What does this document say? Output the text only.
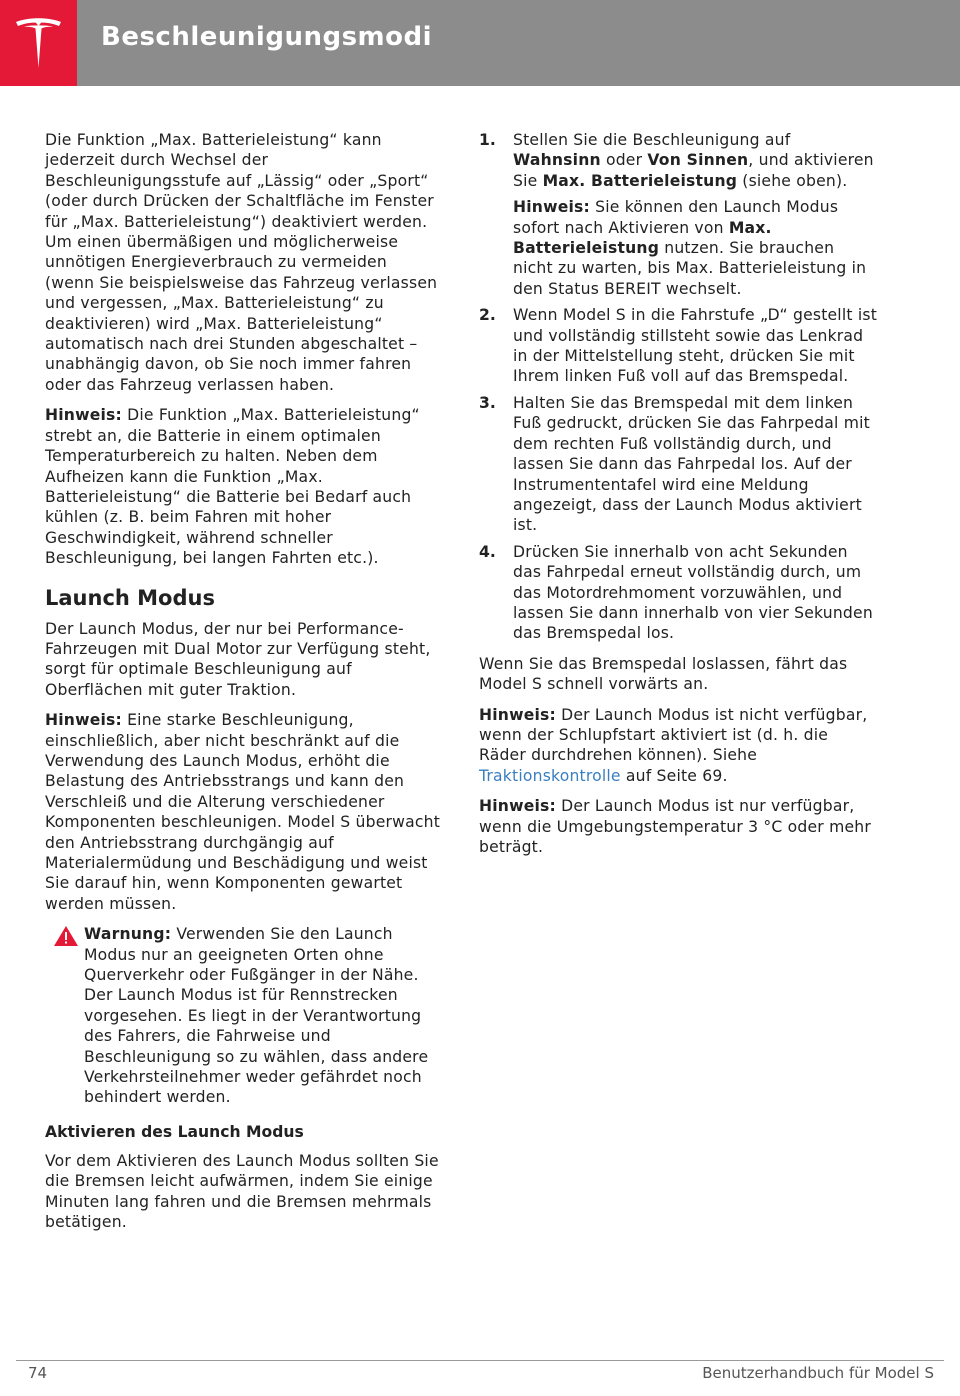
Beschleunigungsmodi

Die Funktion „Max. Batterieleistung“ kann jederzeit durch Wechsel der Beschleunigungsstufe auf „Lässig“ oder „Sport“ (oder durch Drücken der Schaltfläche im Fenster für „Max. Batterieleistung“) deaktiviert werden. Um einen übermäßigen und möglicherweise unnötigen Energieverbrauch zu vermeiden (wenn Sie beispielsweise das Fahrzeug verlassen und vergessen, „Max. Batterieleistung“ zu deaktivieren) wird „Max. Batterieleistung“ automatisch nach drei Stunden abgeschaltet – unabhängig davon, ob Sie noch immer fahren oder das Fahrzeug verlassen haben.

Hinweis: Die Funktion „Max. Batterieleistung“ strebt an, die Batterie in einem optimalen Temperaturbereich zu halten. Neben dem Aufheizen kann die Funktion „Max. Batterieleistung“ die Batterie bei Bedarf auch kühlen (z. B. beim Fahren mit hoher Geschwindigkeit, während schneller Beschleunigung, bei langen Fahrten etc.).

Launch Modus

Der Launch Modus, der nur bei Performance-Fahrzeugen mit Dual Motor zur Verfügung steht, sorgt für optimale Beschleunigung auf Oberflächen mit guter Traktion.

Hinweis: Eine starke Beschleunigung, einschließlich, aber nicht beschränkt auf die Verwendung des Launch Modus, erhöht die Belastung des Antriebsstrangs und kann den Verschleiß und die Alterung verschiedener Komponenten beschleunigen. Model S überwacht den Antriebsstrang durchgängig auf Materialermüdung und Beschädigung und weist Sie darauf hin, wenn Komponenten gewartet werden müssen.

Warnung: Verwenden Sie den Launch Modus nur an geeigneten Orten ohne Querverkehr oder Fußgänger in der Nähe. Der Launch Modus ist für Rennstrecken vorgesehen. Es liegt in der Verantwortung des Fahrers, die Fahrweise und Beschleunigung so zu wählen, dass andere Verkehrsteilnehmer weder gefährdet noch behindert werden.

Aktivieren des Launch Modus

Vor dem Aktivieren des Launch Modus sollten Sie die Bremsen leicht aufwärmen, indem Sie einige Minuten lang fahren und die Bremsen mehrmals betätigen.

1. Stellen Sie die Beschleunigung auf Wahnsinn oder Von Sinnen, und aktivieren Sie Max. Batterieleistung (siehe oben).

Hinweis: Sie können den Launch Modus sofort nach Aktivieren von Max. Batterieleistung nutzen. Sie brauchen nicht zu warten, bis Max. Batterieleistung in den Status BEREIT wechselt.

2. Wenn Model S in die Fahrstufe „D“ gestellt ist und vollständig stillsteht sowie das Lenkrad in der Mittelstellung steht, drücken Sie mit Ihrem linken Fuß voll auf das Bremspedal.

3. Halten Sie das Bremspedal mit dem linken Fuß gedruckt, drücken Sie das Fahrpedal mit dem rechten Fuß vollständig durch, und lassen Sie dann das Fahrpedal los. Auf der Instrumententafel wird eine Meldung angezeigt, dass der Launch Modus aktiviert ist.

4. Drücken Sie innerhalb von acht Sekunden das Fahrpedal erneut vollständig durch, um das Motordrehmoment vorzuwählen, und lassen Sie dann innerhalb von vier Sekunden das Bremspedal los.

Wenn Sie das Bremspedal loslassen, fährt das Model S schnell vorwärts an.

Hinweis: Der Launch Modus ist nicht verfügbar, wenn der Schlupfstart aktiviert ist (d. h. die Räder durchdrehen können). Siehe Traktionskontrolle auf Seite 69.

Hinweis: Der Launch Modus ist nur verfügbar, wenn die Umgebungstemperatur 3 °C oder mehr beträgt.

74	Benutzerhandbuch für Model S
